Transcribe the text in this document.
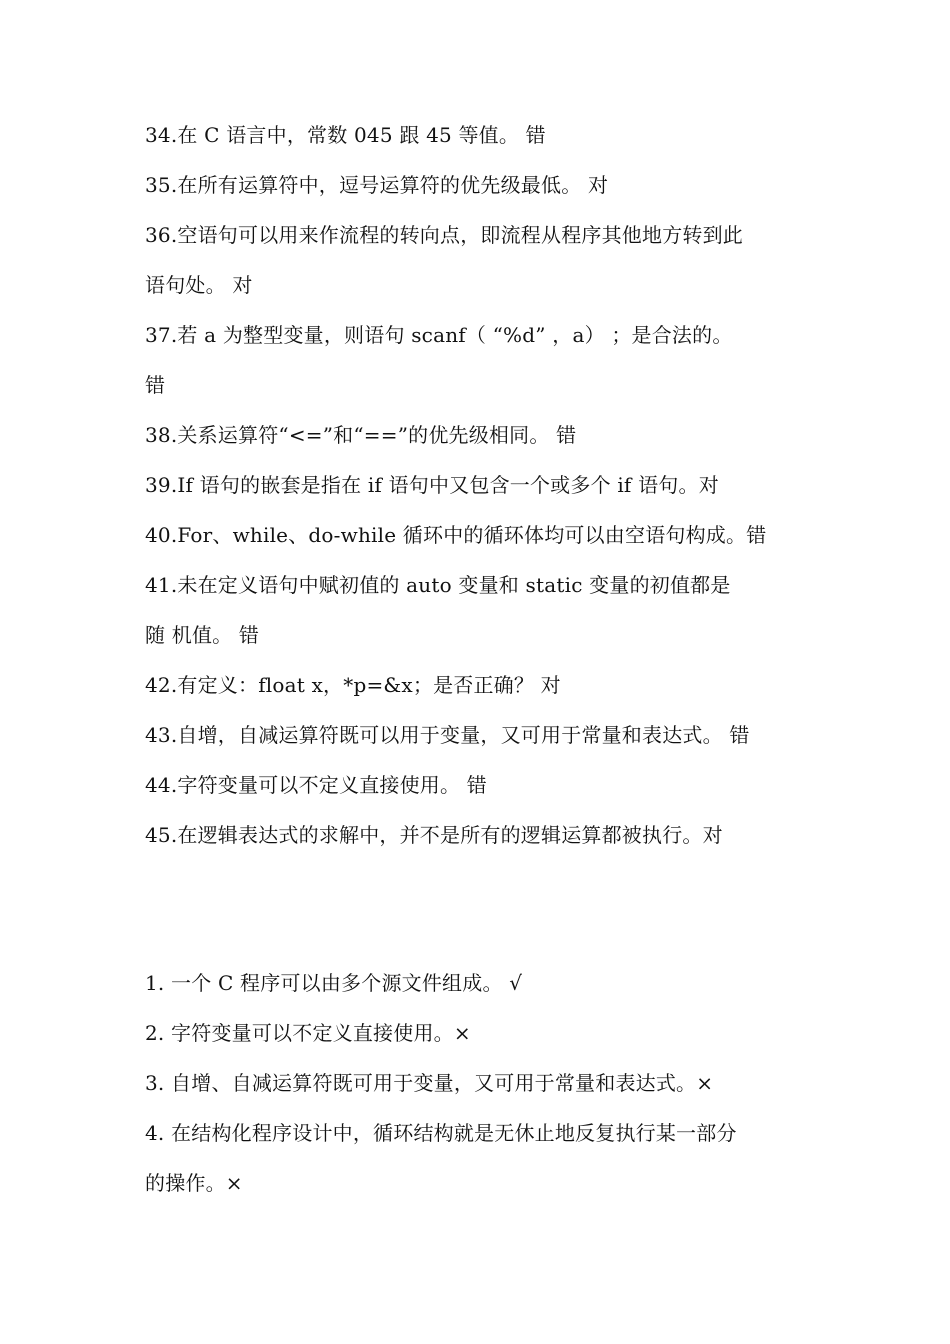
34.在 C 语言中，常数 045 跟 45 等值。 错
35.在所有运算符中，逗号运算符的优先级最低。 对
36.空语句可以用来作流程的转向点，即流程从程序其他地方转到此
语句处。 对
37.若 a 为整型变量，则语句 scanf（ “%d” ，a） ；是合法的。
错
38.关系运算符“<=”和“==”的优先级相同。 错
39.If 语句的嵌套是指在 if 语句中又包含一个或多个 if 语句。对
40.For、while、do-while 循环中的循环体均可以由空语句构成。错
41.未在定义语句中赋初值的 auto 变量和 static 变量的初值都是
随 机值。 错
42.有定义：float x，*p=&x；是否正确？ 对
43.自增，自减运算符既可以用于变量，又可用于常量和表达式。 错
44.字符变量可以不定义直接使用。 错
45.在逻辑表达式的求解中，并不是所有的逻辑运算都被执行。对
1. 一个 C 程序可以由多个源文件组成。 √
2. 字符变量可以不定义直接使用。×
3. 自增、自减运算符既可用于变量，又可用于常量和表达式。×
4. 在结构化程序设计中，循环结构就是无休止地反复执行某一部分
的操作。×
